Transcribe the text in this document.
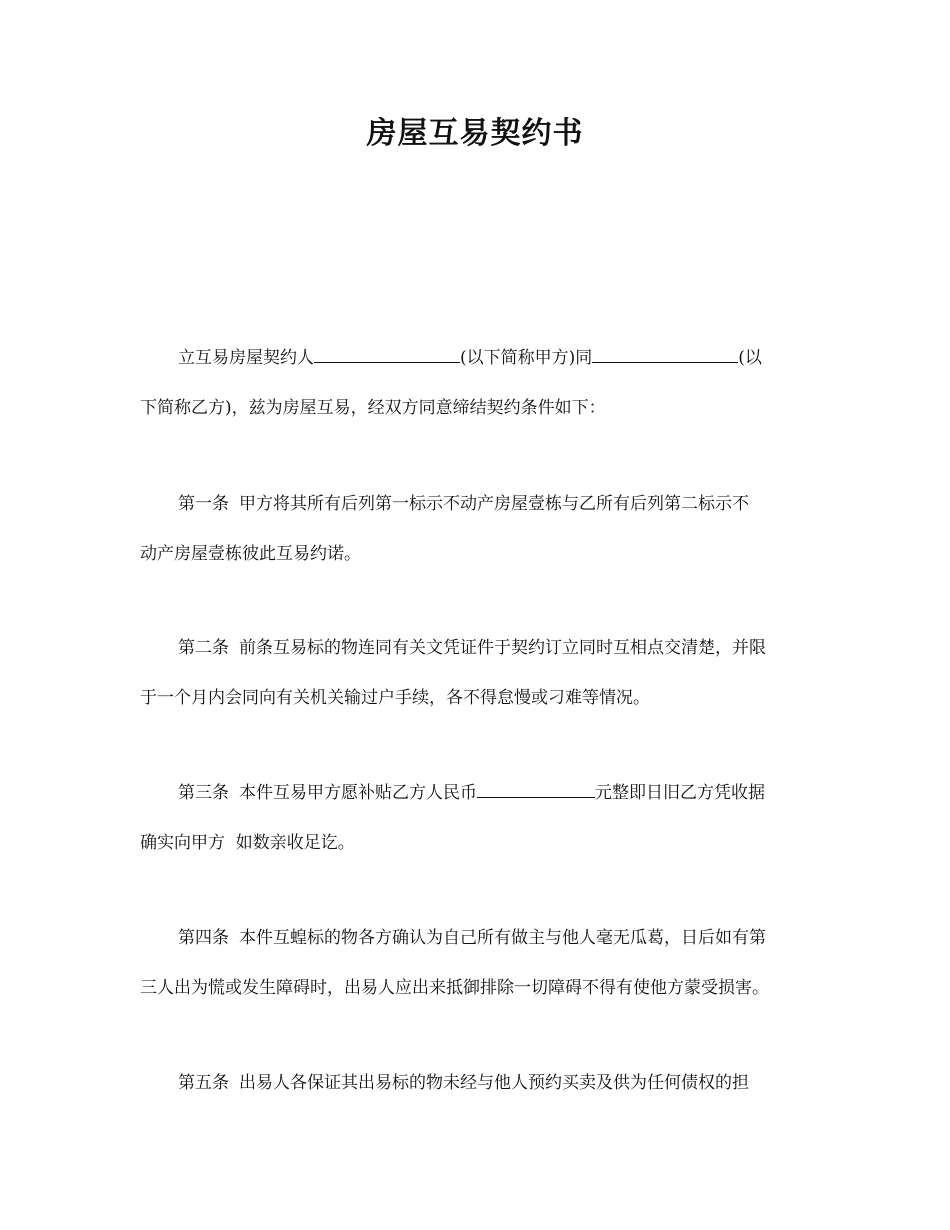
房屋互易契约书
立互易房屋契约人	(以下简称甲方)同	(以
下简称乙方)，兹为房屋互易，经双方同意缔结契约条件如下：
第一条 甲方将其所有后列第一标示不动产房屋壹栋与乙所有后列第二标示不
动产房屋壹栋彼此互易约诺。
第二条 前条互易标的物连同有关文凭证件于契约订立同时互相点交清楚，并限
于一个月内会同向有关机关输过户手续，各不得怠慢或刁难等情况。
第三条 本件互易甲方愿补贴乙方人民币	元整即日旧乙方凭收据
确实向甲方  如数亲收足讫。
第四条 本件互蝗标的物各方确认为自己所有做主与他人毫无瓜葛，日后如有第
三人出为慌或发生障碍时，出易人应出来抵御排除一切障碍不得有使他方蒙受损害。
第五条 出易人各保证其出易标的物未经与他人预约买卖及供为任何债权的担
